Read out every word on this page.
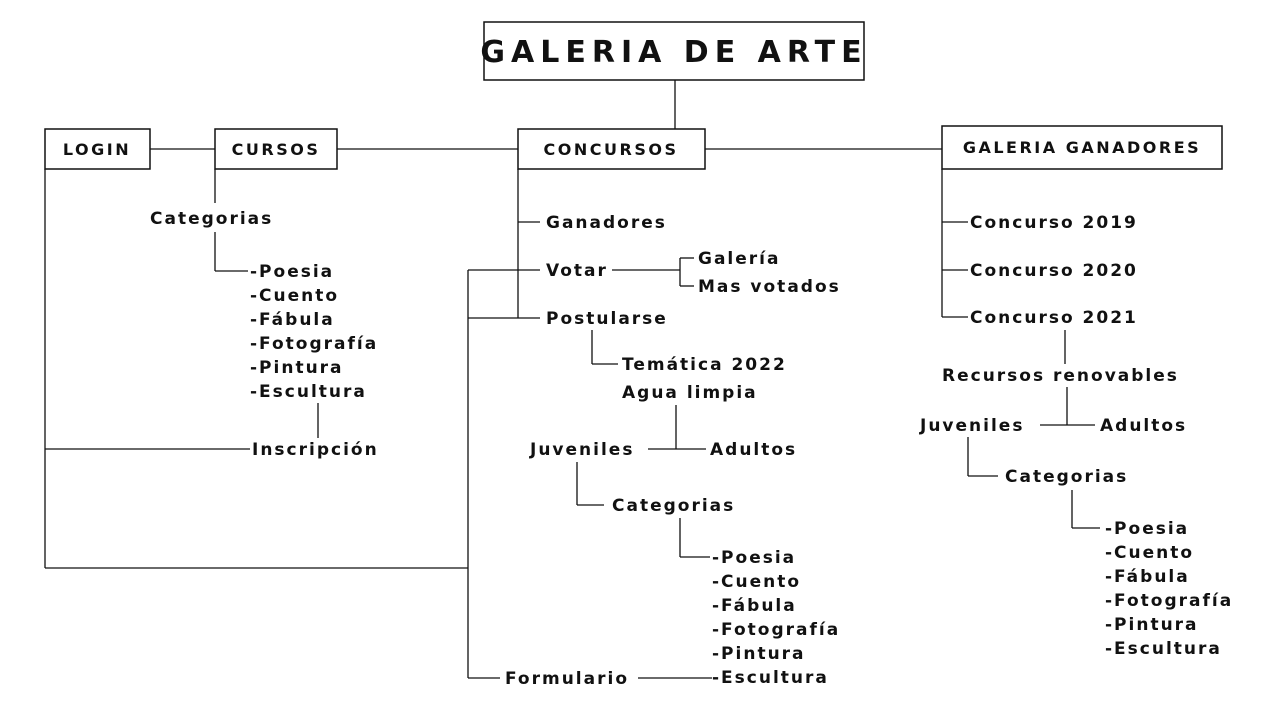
GALERIA DE ARTE
LOGIN	CURSOS	CONCURSOS	GALERIA GANADORES
Categorias
-Poesia
-Cuento
-Fábula
-Fotografía
-Pintura
-Escultura
Inscripción
Ganadores
Votar
Galería
Mas votados
Postularse
Temática 2022
Agua limpia
Juveniles	Adultos
Categorias
-Poesia
-Cuento
-Fábula
-Fotografía
-Pintura
-Escultura
Formulario
Concurso 2019
Concurso 2020
Concurso 2021
Recursos renovables
Juveniles	Adultos
Categorias
-Poesia
-Cuento
-Fábula
-Fotografía
-Pintura
-Escultura
